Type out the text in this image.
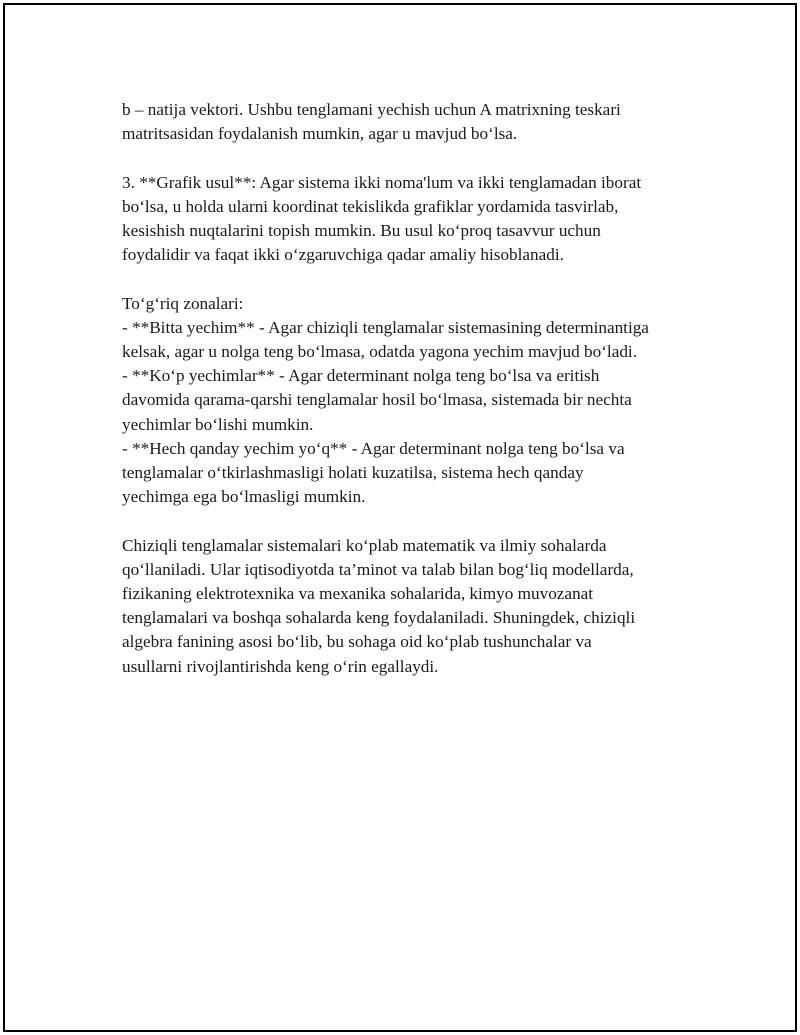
b – natija vektori. Ushbu tenglamani yechish uchun A matrixning teskari
matritsasidan foydalanish mumkin, agar u mavjud bo‘lsa.

3. **Grafik usul**: Agar sistema ikki noma'lum va ikki tenglamadan iborat
bo‘lsa, u holda ularni koordinat tekislikda grafiklar yordamida tasvirlab,
kesishish nuqtalarini topish mumkin. Bu usul ko‘proq tasavvur uchun
foydalidir va faqat ikki o‘zgaruvchiga qadar amaliy hisoblanadi.

To‘g‘riq zonalari:
- **Bitta yechim** - Agar chiziqli tenglamalar sistemasining determinantiga
kelsak, agar u nolga teng bo‘lmasa, odatda yagona yechim mavjud bo‘ladi.
- **Ko‘p yechimlar** - Agar determinant nolga teng bo‘lsa va eritish
davomida qarama-qarshi tenglamalar hosil bo‘lmasa, sistemada bir nechta
yechimlar bo‘lishi mumkin.
- **Hech qanday yechim yo‘q** - Agar determinant nolga teng bo‘lsa va
tenglamalar o‘tkirlashmasligi holati kuzatilsa, sistema hech qanday
yechimga ega bo‘lmasligi mumkin.

Chiziqli tenglamalar sistemalari ko‘plab matematik va ilmiy sohalarda
qo‘llaniladi. Ular iqtisodiyotda ta’minot va talab bilan bog‘liq modellarda,
fizikaning elektrotexnika va mexanika sohalarida, kimyo muvozanat
tenglamalari va boshqa sohalarda keng foydalaniladi. Shuningdek, chiziqli
algebra fanining asosi bo‘lib, bu sohaga oid ko‘plab tushunchalar va
usullarni rivojlantirishda keng o‘rin egallaydi.
